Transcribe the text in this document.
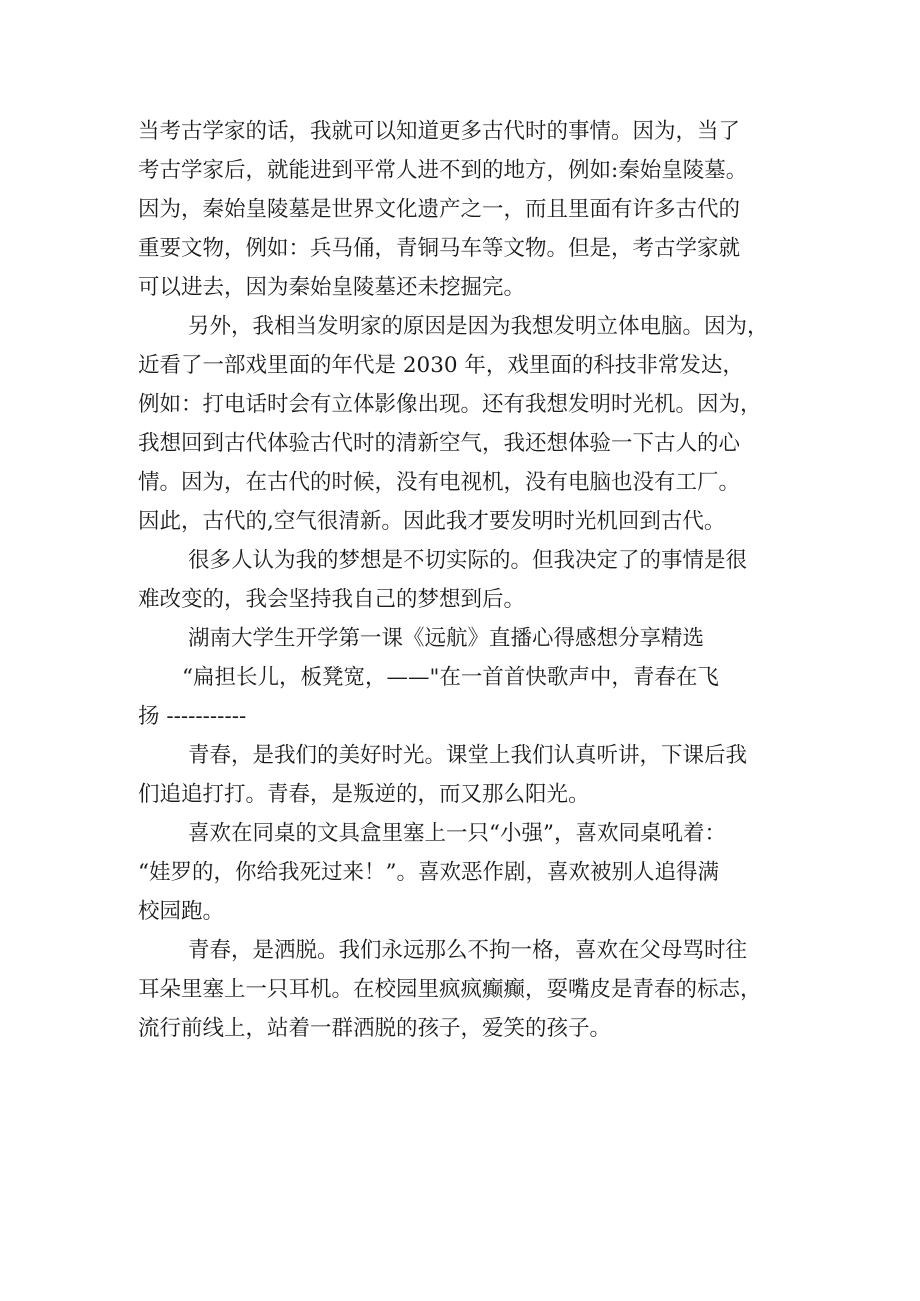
当考古学家的话，我就可以知道更多古代时的事情。因为，当了
考古学家后，就能进到平常人进不到的地方，例如:秦始皇陵墓。
因为，秦始皇陵墓是世界文化遗产之一，而且里面有许多古代的
重要文物，例如：兵马俑，青铜马车等文物。但是，考古学家就
可以进去，因为秦始皇陵墓还未挖掘完。
另外，我相当发明家的原因是因为我想发明立体电脑。因为，
近看了一部戏里面的年代是 2030 年，戏里面的科技非常发达，
例如：打电话时会有立体影像出现。还有我想发明时光机。因为，
我想回到古代体验古代时的清新空气，我还想体验一下古人的心
情。因为，在古代的时候，没有电视机，没有电脑也没有工厂。
因此，古代的,空气很清新。因此我才要发明时光机回到古代。
很多人认为我的梦想是不切实际的。但我决定了的事情是很
难改变的，我会坚持我自己的梦想到后。
湖南大学生开学第一课《远航》直播心得感想分享精选
“扁担长儿，板凳宽，——"在一首首快歌声中，青春在飞
扬 -----------
青春，是我们的美好时光。课堂上我们认真听讲，下课后我
们追追打打。青春，是叛逆的，而又那么阳光。
喜欢在同桌的文具盒里塞上一只“小强”，喜欢同桌吼着：
“娃罗的，你给我死过来！”。喜欢恶作剧，喜欢被别人追得满
校园跑。
青春，是洒脱。我们永远那么不拘一格，喜欢在父母骂时往
耳朵里塞上一只耳机。在校园里疯疯癫癫，耍嘴皮是青春的标志，
流行前线上，站着一群洒脱的孩子，爱笑的孩子。
